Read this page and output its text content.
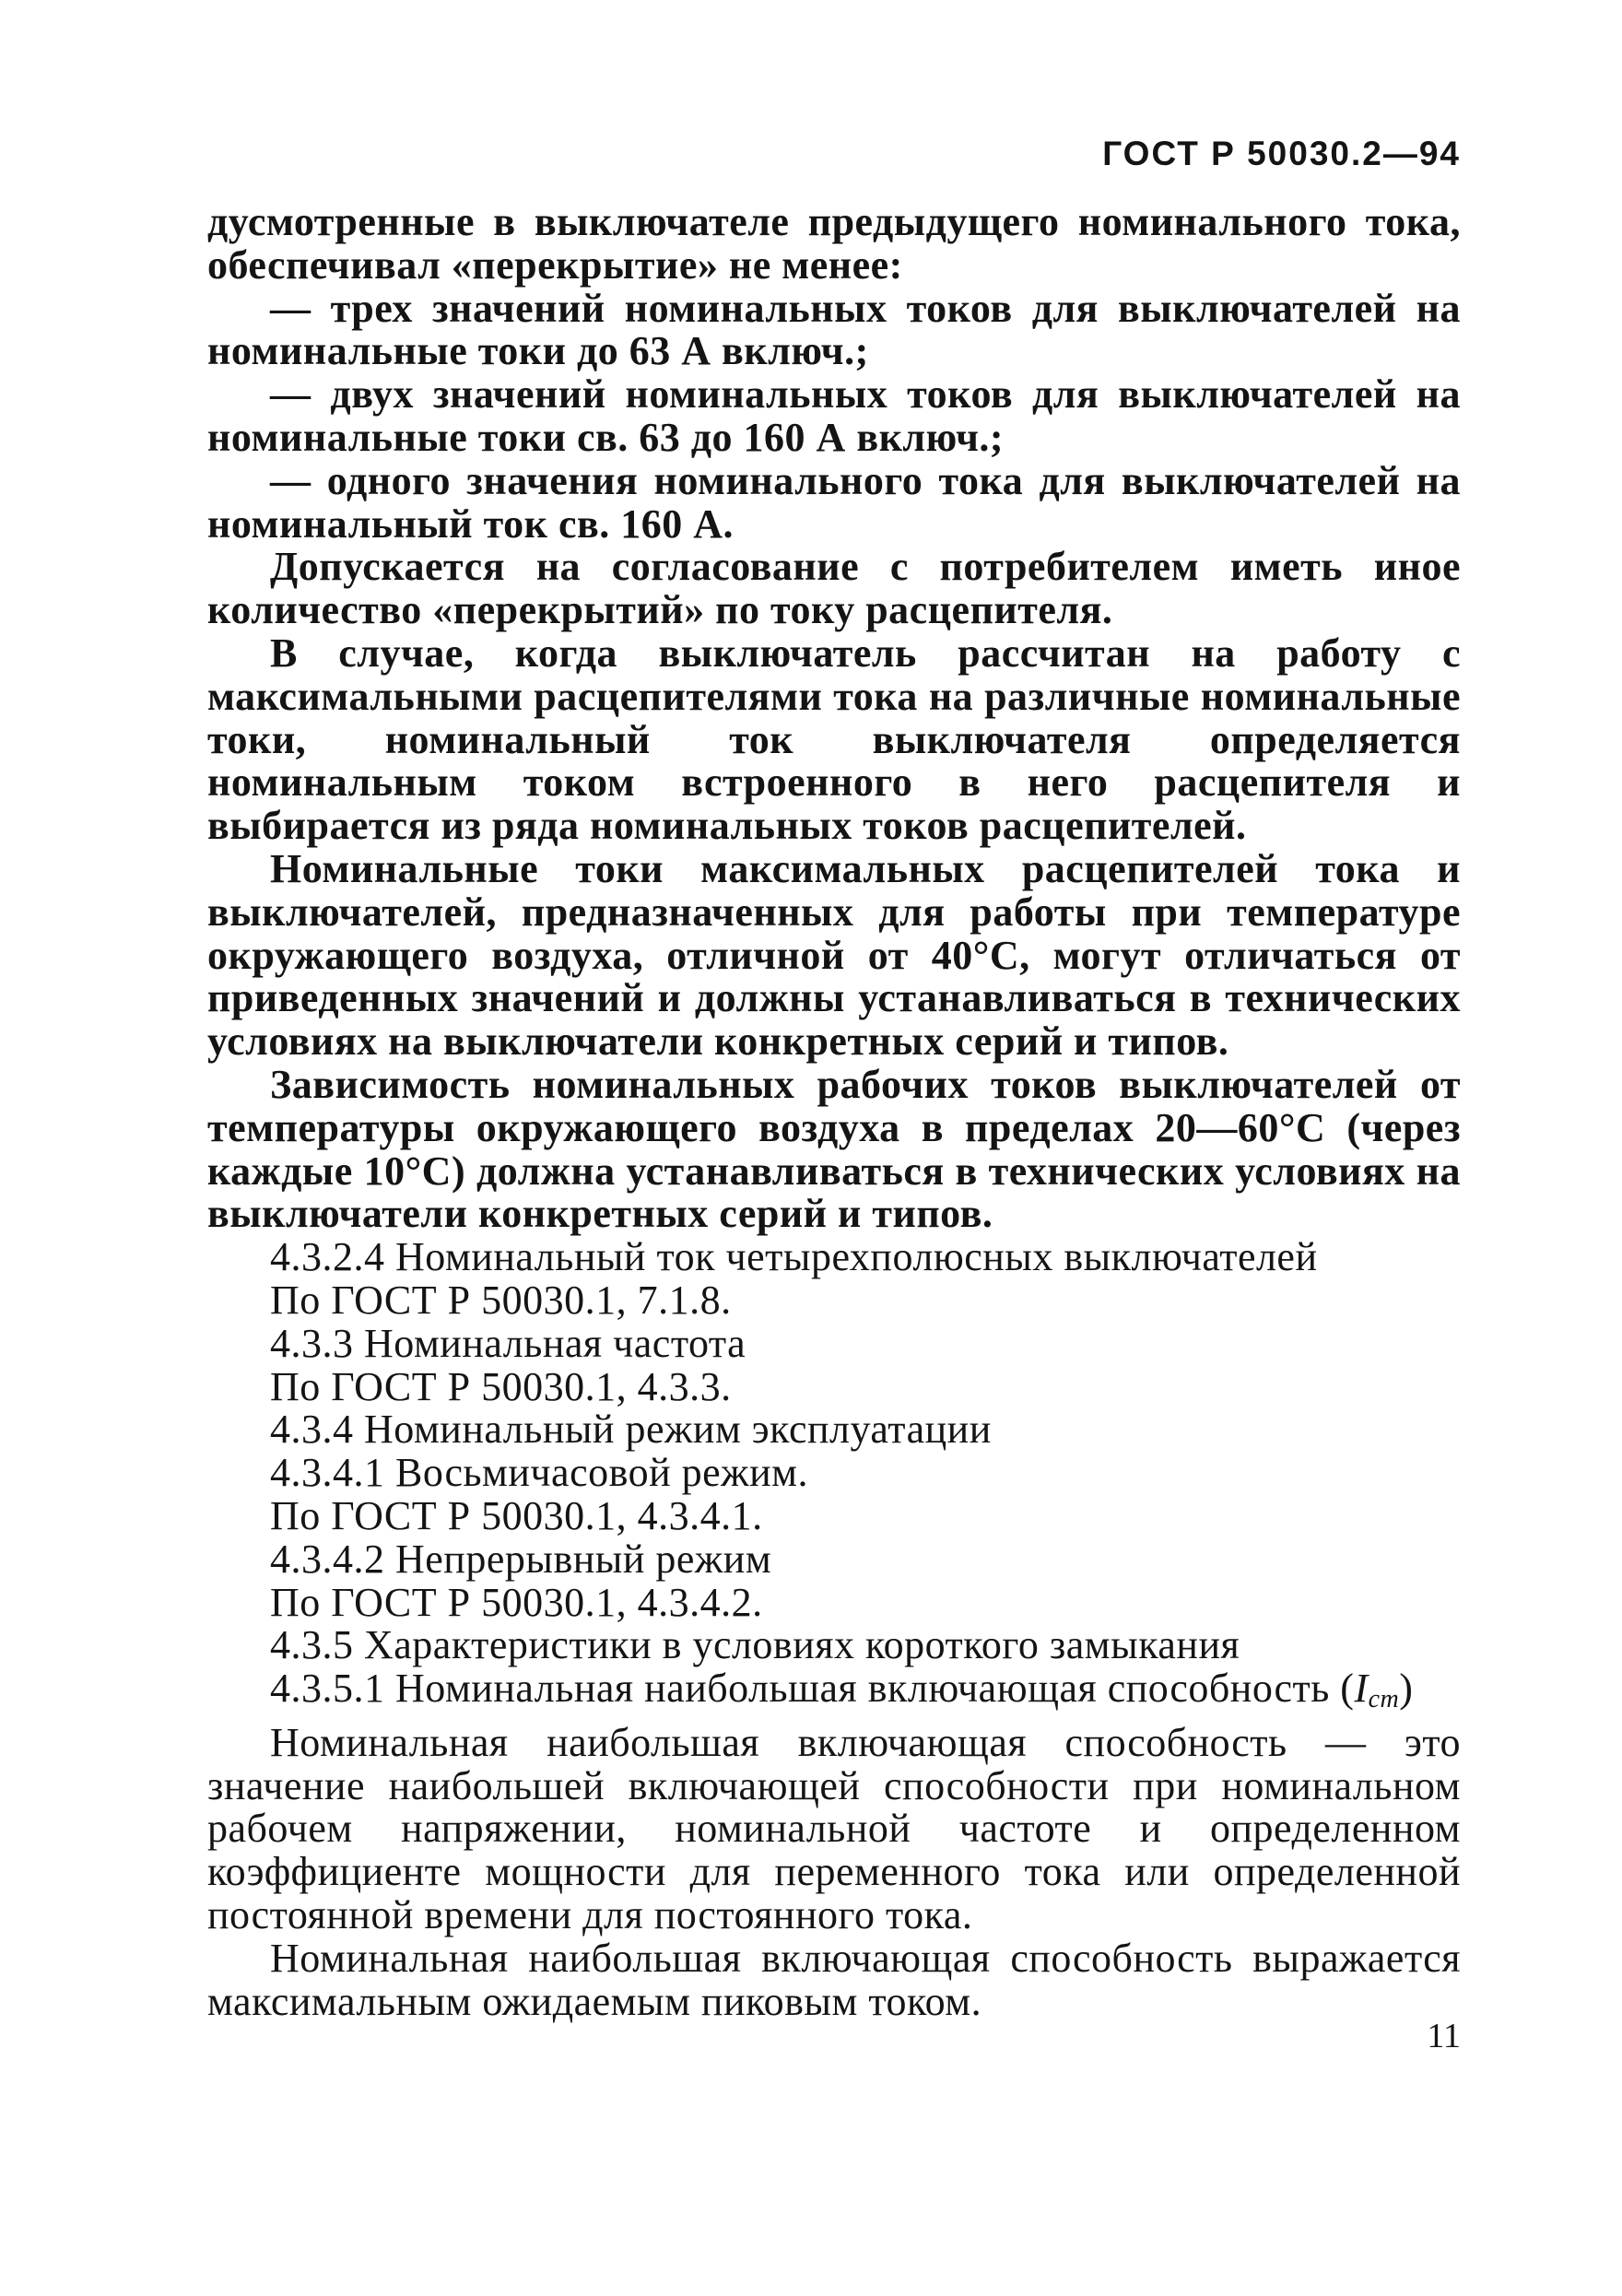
ГОСТ Р 50030.2—94

дусмотренные в выключателе предыдущего номинального тока, обеспечивал «перекрытие» не менее:

— трех значений номинальных токов для выключателей на номинальные токи до 63 А включ.;

— двух значений номинальных токов для выключателей на номинальные токи св. 63 до 160 А включ.;

— одного значения номинального тока для выключателей на номинальный ток св. 160 А.

Допускается на согласование с потребителем иметь иное количество «перекрытий» по току расцепителя.

В случае, когда выключатель рассчитан на работу с максимальными расцепителями тока на различные номинальные токи, номинальный ток выключателя определяется номинальным током встроенного в него расцепителя и выбирается из ряда номинальных токов расцепителей.

Номинальные токи максимальных расцепителей тока и выключателей, предназначенных для работы при температуре окружающего воздуха, отличной от 40°С, могут отличаться от приведенных значений и должны устанавливаться в технических условиях на выключатели конкретных серий и типов.

Зависимость номинальных рабочих токов выключателей от температуры окружающего воздуха в пределах 20—60°С (через каждые 10°С) должна устанавливаться в технических условиях на выключатели конкретных серий и типов.

4.3.2.4 Номинальный ток четырехполюсных выключателей

По ГОСТ Р 50030.1, 7.1.8.

4.3.3 Номинальная частота

По ГОСТ Р 50030.1, 4.3.3.

4.3.4 Номинальный режим эксплуатации

4.3.4.1 Восьмичасовой режим.

По ГОСТ Р 50030.1, 4.3.4.1.

4.3.4.2 Непрерывный режим

По ГОСТ Р 50030.1, 4.3.4.2.

4.3.5 Характеристики в условиях короткого замыкания

4.3.5.1 Номинальная наибольшая включающая способность $(I_{cm})$

Номинальная наибольшая включающая способность — это значение наибольшей включающей способности при номинальном рабочем напряжении, номинальной частоте и определенном коэффициенте мощности для переменного тока или определенной постоянной времени для постоянного тока.

Номинальная наибольшая включающая способность выражается максимальным ожидаемым пиковым током.

11
